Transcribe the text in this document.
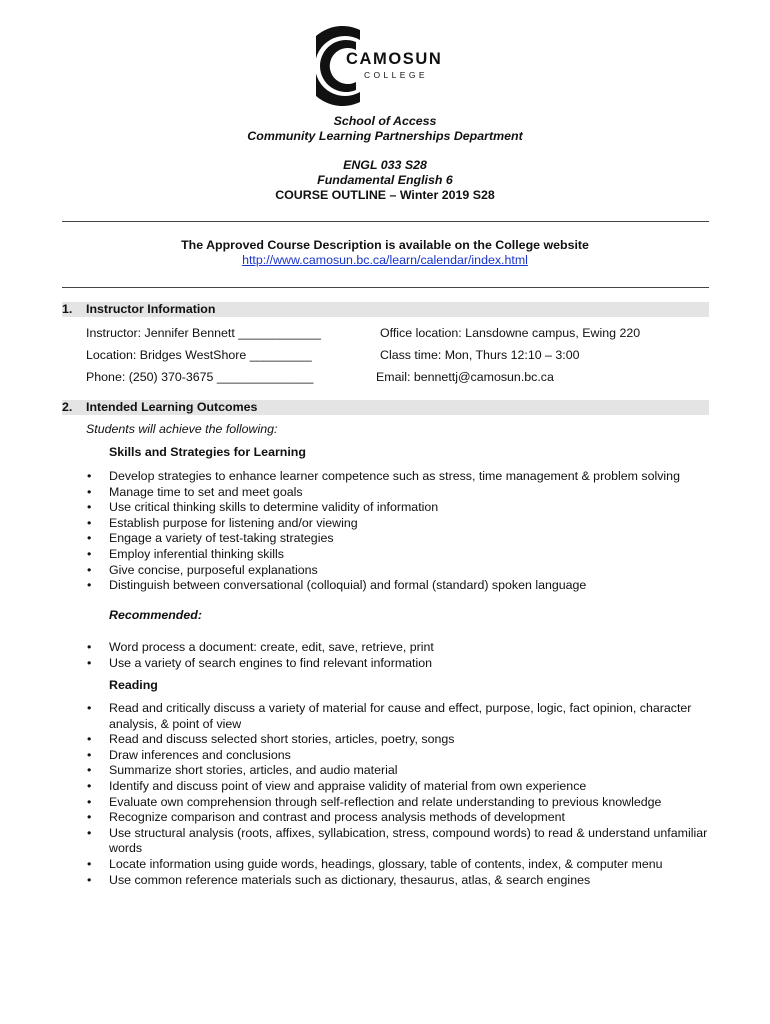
CAMOSUN
COLLEGE
School of Access
Community Learning Partnerships Department
ENGL 033 S28
Fundamental English 6
COURSE OUTLINE – Winter 2019 S28
The Approved Course Description is available on the College website
http://www.camosun.bc.ca/learn/calendar/index.html
1. Instructor Information
Instructor: Jennifer Bennett ____________	Office location: Lansdowne campus, Ewing 220
Location: Bridges WestShore _________	Class time: Mon, Thurs 12:10 – 3:00
Phone: (250) 370-3675 ______________	Email: bennettj@camosun.bc.ca
2. Intended Learning Outcomes
Students will achieve the following:
Skills and Strategies for Learning
• Develop strategies to enhance learner competence such as stress, time management & problem solving
• Manage time to set and meet goals
• Use critical thinking skills to determine validity of information
• Establish purpose for listening and/or viewing
• Engage a variety of test-taking strategies
• Employ inferential thinking skills
• Give concise, purposeful explanations
• Distinguish between conversational (colloquial) and formal (standard) spoken language
Recommended:
• Word process a document: create, edit, save, retrieve, print
• Use a variety of search engines to find relevant information
Reading
• Read and critically discuss a variety of material for cause and effect, purpose, logic, fact opinion, character analysis, & point of view
• Read and discuss selected short stories, articles, poetry, songs
• Draw inferences and conclusions
• Summarize short stories, articles, and audio material
• Identify and discuss point of view and appraise validity of material from own experience
• Evaluate own comprehension through self-reflection and relate understanding to previous knowledge
• Recognize comparison and contrast and process analysis methods of development
• Use structural analysis (roots, affixes, syllabication, stress, compound words) to read & understand unfamiliar words
• Locate information using guide words, headings, glossary, table of contents, index, & computer menu
• Use common reference materials such as dictionary, thesaurus, atlas, & search engines
